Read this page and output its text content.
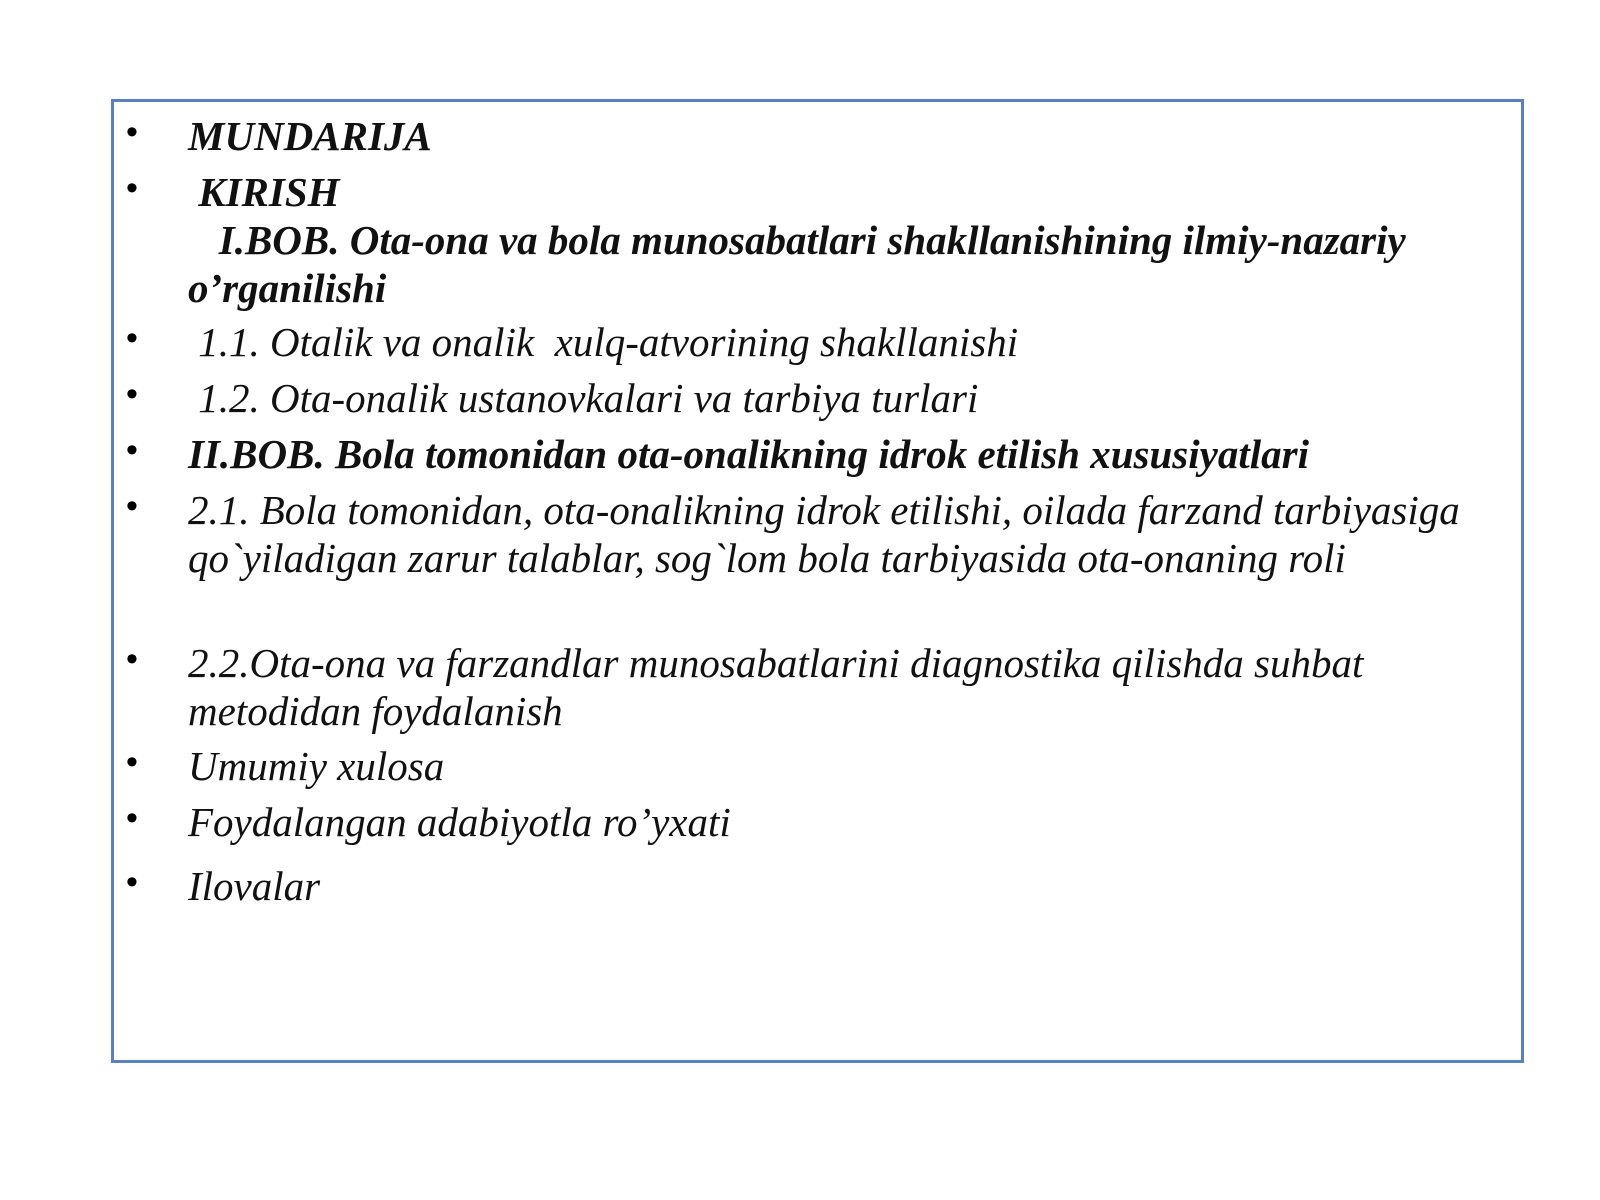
• MUNDARIJA
• KIRISH
I.BOB. Ota-ona va bola munosabatlari shakllanishining ilmiy-nazariy o’rganilishi
• 1.1. Otalik va onalik  xulq-atvorining shakllanishi
• 1.2. Ota-onalik ustanovkalari va tarbiya turlari
• II.BOB. Bola tomonidan ota-onalikning idrok etilish xususiyatlari
• 2.1. Bola tomonidan, ota-onalikning idrok etilishi, oilada farzand tarbiyasiga qo`yiladigan zarur talablar, sog`lom bola tarbiyasida ota-onaning roli
• 2.2.Ota-ona va farzandlar munosabatlarini diagnostika qilishda suhbat metodidan foydalanish
• Umumiy xulosa
• Foydalangan adabiyotla ro’yxati
• Ilovalar
